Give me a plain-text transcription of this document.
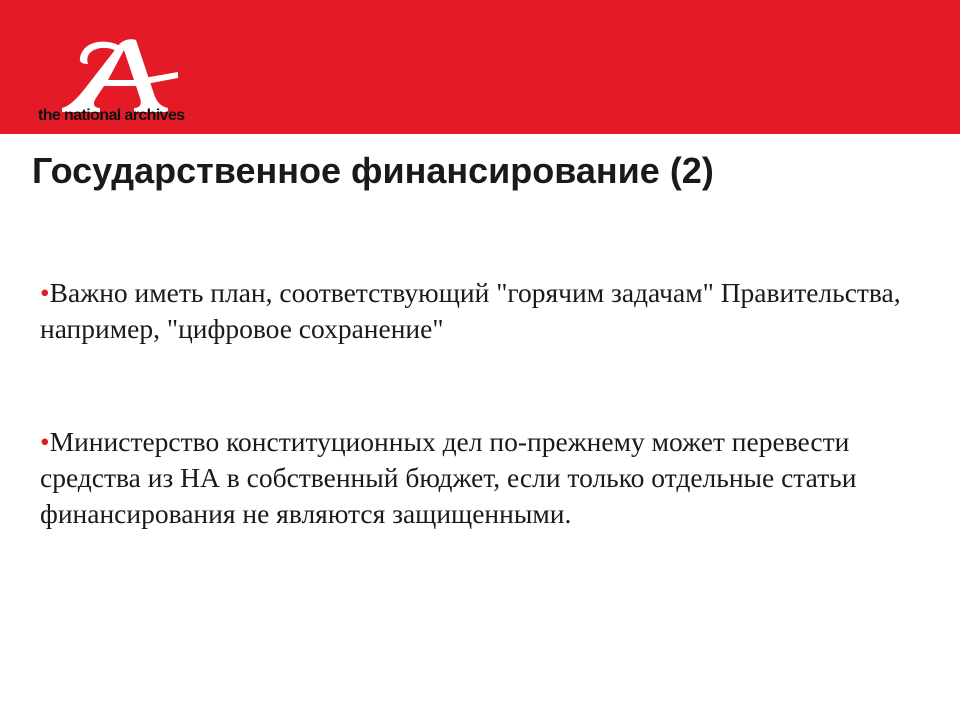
the national archives
Государственное финансирование (2)
•Важно иметь план, соответствующий "горячим задачам" Правительства, например, "цифровое сохранение"
•Министерство конституционных дел по-прежнему может перевести средства из НА в собственный бюджет, если только отдельные статьи финансирования не являются защищенными.
